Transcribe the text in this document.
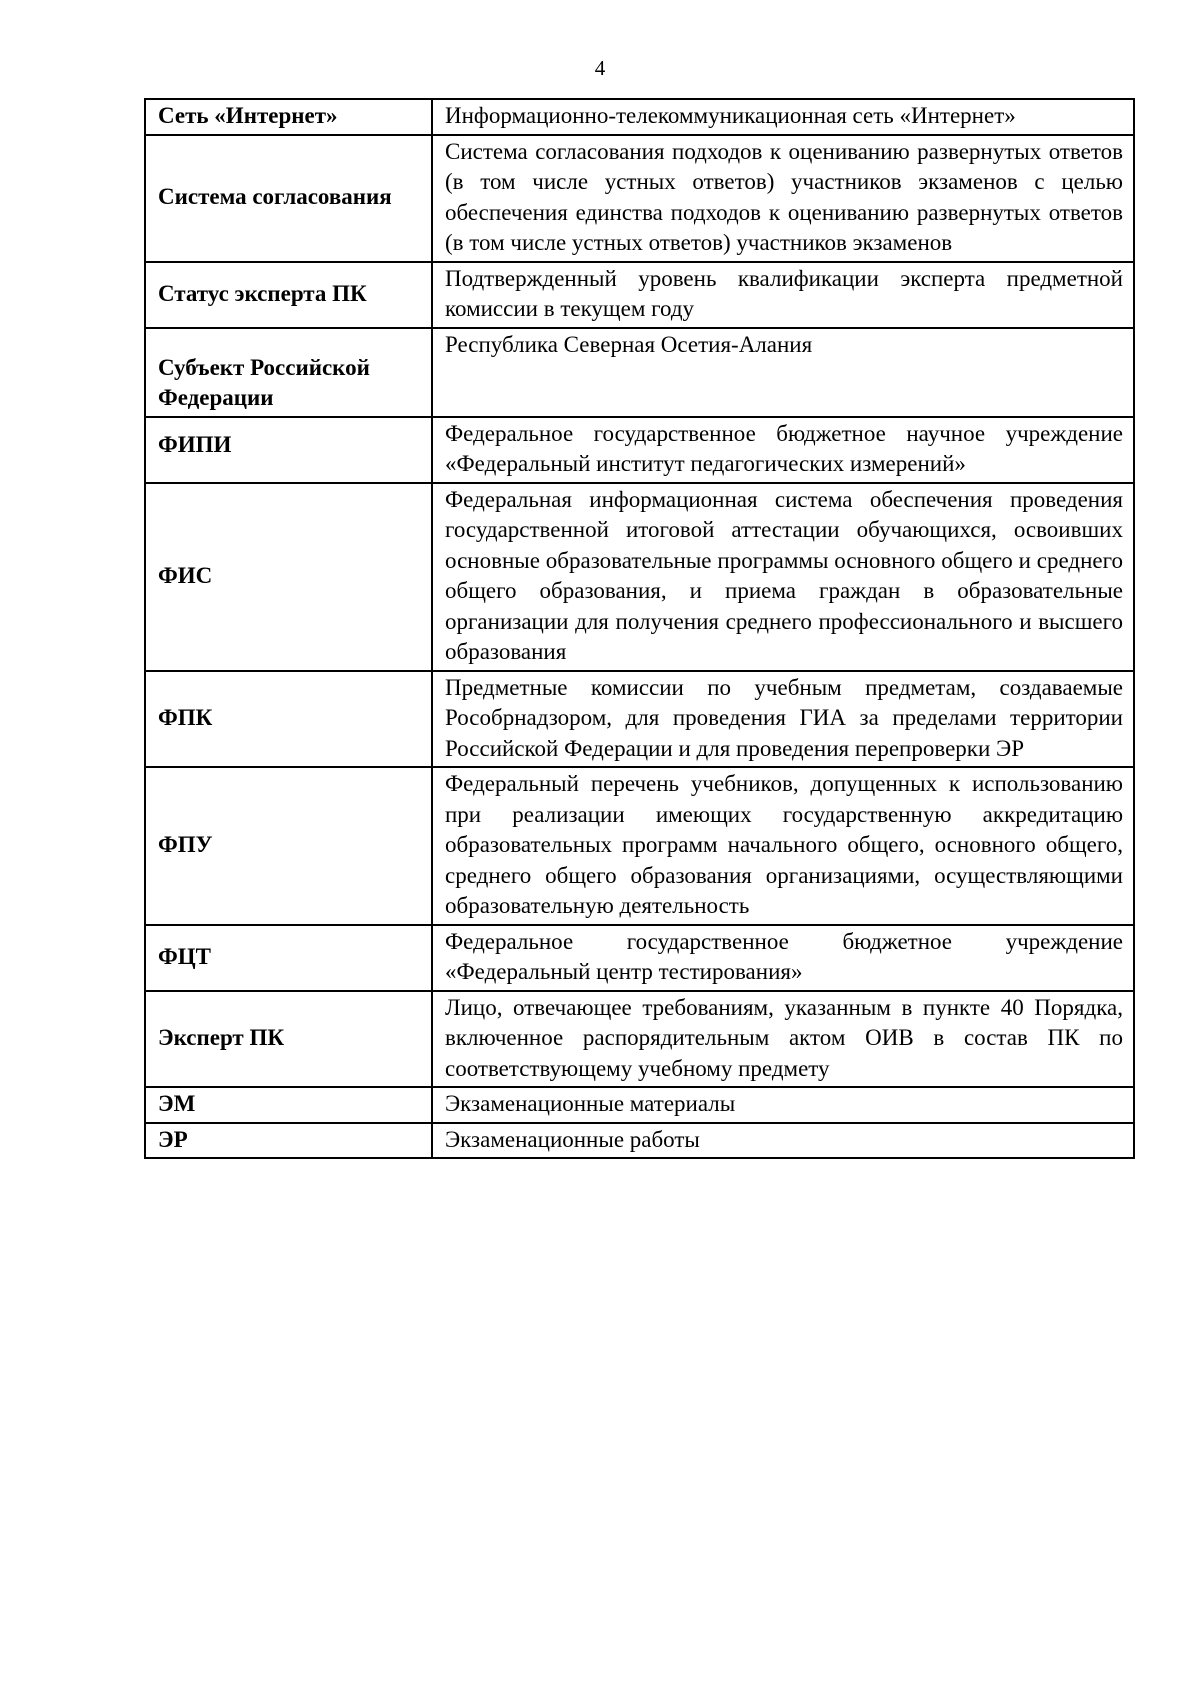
4
Сеть «Интернет»	Информационно-телекоммуникационная сеть «Интернет»
Система согласования	Система согласования подходов к оцениванию развернутых ответов (в том числе устных ответов) участников экзаменов с целью обеспечения единства подходов к оцениванию развернутых ответов (в том числе устных ответов) участников экзаменов
Статус эксперта ПК	Подтвержденный уровень квалификации эксперта предметной комиссии в текущем году
Субъект Российской Федерации	Республика Северная Осетия-Алания
ФИПИ	Федеральное государственное бюджетное научное учреждение «Федеральный институт педагогических измерений»
ФИС	Федеральная информационная система обеспечения проведения государственной итоговой аттестации обучающихся, освоивших основные образовательные программы основного общего и среднего общего образования, и приема граждан в образовательные организации для получения среднего профессионального и высшего образования
ФПК	Предметные комиссии по учебным предметам, создаваемые Рособрнадзором, для проведения ГИА за пределами территории Российской Федерации и для проведения перепроверки ЭР
ФПУ	Федеральный перечень учебников, допущенных к использованию при реализации имеющих государственную аккредитацию образовательных программ начального общего, основного общего, среднего общего образования организациями, осуществляющими образовательную деятельность
ФЦТ	Федеральное государственное бюджетное учреждение «Федеральный центр тестирования»
Эксперт ПК	Лицо, отвечающее требованиям, указанным в пункте 40 Порядка, включенное распорядительным актом ОИВ в состав ПК по соответствующему учебному предмету
ЭМ	Экзаменационные материалы
ЭР	Экзаменационные работы
